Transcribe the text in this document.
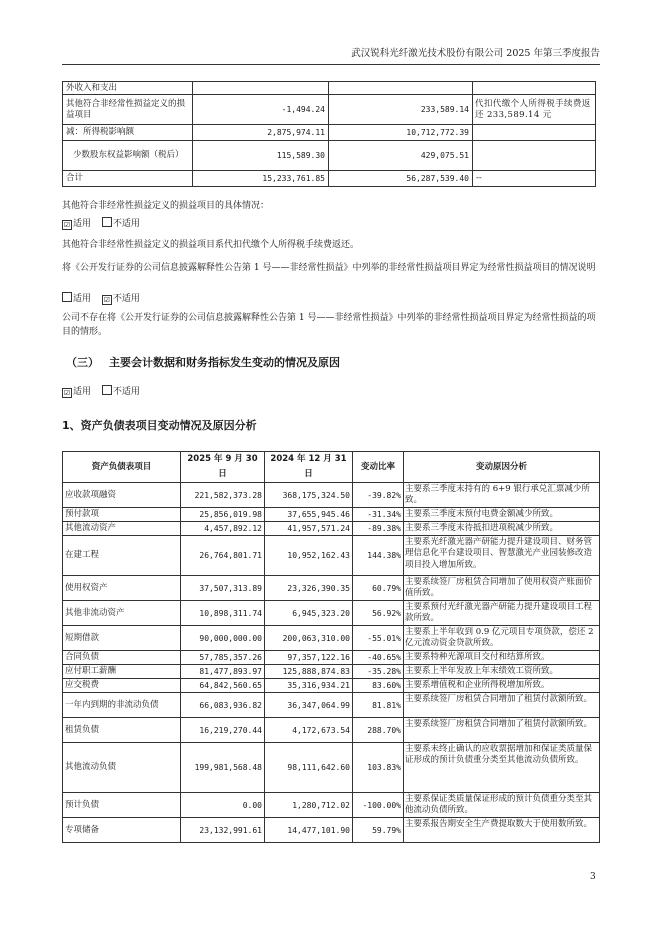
武汉锐科光纤激光技术股份有限公司 2025 年第三季度报告
外收入和支出			
其他符合非经常性损益定义的损益项目	-1,494.24	233,589.14	代扣代缴个人所得税手续费返还 233,589.14 元
减：所得税影响额	2,875,974.11	10,712,772.39	
少数股东权益影响额（税后）	115,589.30	429,075.51	
合计	15,233,761.85	56,287,539.40	--
其他符合非经常性损益定义的损益项目的具体情况：
☑ 适用 不适用
其他符合非经常性损益定义的损益项目系代扣代缴个人所得税手续费返还。
将《公开发行证券的公司信息披露解释性公告第 1 号——非经常性损益》中列举的非经常性损益项目界定为经常性损益项目的情况说明
适用 ☑ 不适用
公司不存在将《公开发行证券的公司信息披露解释性公告第 1 号——非经常性损益》中列举的非经常性损益项目界定为经常性损益的项目的情形。
（三） 主要会计数据和财务指标发生变动的情况及原因
☑ 适用 不适用
1、资产负债表项目变动情况及原因分析
资产负债表项目	2025 年 9 月 30 日	2024 年 12 月 31 日	变动比率	变动原因分析
应收款项融资	221,582,373.28	368,175,324.50	-39.82%	主要系三季度末持有的 6+9 银行承兑汇票减少所致。
预付款项	25,856,019.98	37,655,945.46	-31.34%	主要系三季度末预付电费金额减少所致。
其他流动资产	4,457,892.12	41,957,571.24	-89.38%	主要系三季度末待抵扣进项税减少所致。
在建工程	26,764,801.71	10,952,162.43	144.38%	主要系光纤激光器产研能力提升建设项目、财务管理信息化平台建设项目、智慧激光产业园装修改造项目投入增加所致。
使用权资产	37,507,313.89	23,326,390.35	60.79%	主要系续签厂房租赁合同增加了使用权资产账面价值所致。
其他非流动资产	10,898,311.74	6,945,323.20	56.92%	主要系预付光纤激光器产研能力提升建设项目工程款所致。
短期借款	90,000,000.00	200,063,310.00	-55.01%	主要系上半年收到 0.9 亿元项目专项贷款，偿还 2 亿元流动资金贷款所致。
合同负债	57,785,357.26	97,357,122.16	-40.65%	主要系特种光源项目交付和结算所致。
应付职工薪酬	81,477,893.97	125,888,874.83	-35.28%	主要系上半年发放上年末绩效工资所致。
应交税费	64,842,560.65	35,316,934.21	83.60%	主要系增值税和企业所得税增加所致。
一年内到期的非流动负债	66,083,936.82	36,347,064.99	81.81%	主要系续签厂房租赁合同增加了租赁付款额所致。
租赁负债	16,219,270.44	4,172,673.54	288.70%	主要系续签厂房租赁合同增加了租赁付款额所致。
其他流动负债	199,981,568.48	98,111,642.60	103.83%	主要系未终止确认的应收票据增加和保证类质量保证形成的预计负债重分类至其他流动负债所致。
预计负债	0.00	1,280,712.02	-100.00%	主要系保证类质量保证形成的预计负债重分类至其他流动负债所致。
专项储备	23,132,991.61	14,477,101.90	59.79%	主要系报告期安全生产费提取数大于使用数所致。
3
